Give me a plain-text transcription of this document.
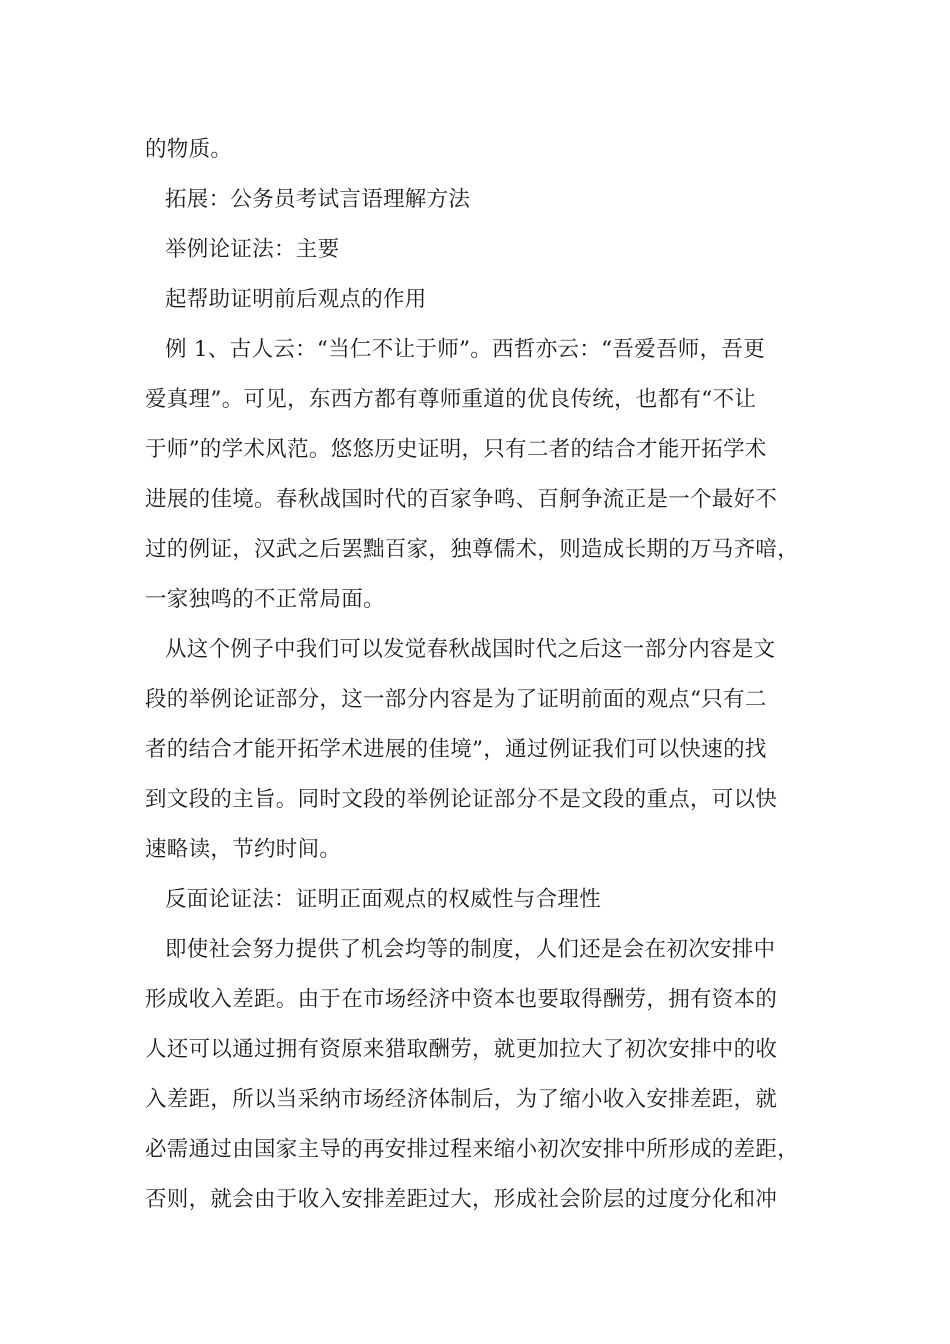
的物质。
拓展：公务员考试言语理解方法
举例论证法：主要
起帮助证明前后观点的作用
例 1、古人云：“当仁不让于师”。西哲亦云：“吾爱吾师，吾更
爱真理”。可见，东西方都有尊师重道的优良传统，也都有“不让
于师”的学术风范。悠悠历史证明，只有二者的结合才能开拓学术
进展的佳境。春秋战国时代的百家争鸣、百舸争流正是一个最好不
过的例证，汉武之后罢黜百家，独尊儒术，则造成长期的万马齐喑，
一家独鸣的不正常局面。
从这个例子中我们可以发觉春秋战国时代之后这一部分内容是文
段的举例论证部分，这一部分内容是为了证明前面的观点“只有二
者的结合才能开拓学术进展的佳境”，通过例证我们可以快速的找
到文段的主旨。同时文段的举例论证部分不是文段的重点，可以快
速略读，节约时间。
反面论证法：证明正面观点的权威性与合理性
即使社会努力提供了机会均等的制度，人们还是会在初次安排中
形成收入差距。由于在市场经济中资本也要取得酬劳，拥有资本的
人还可以通过拥有资原来猎取酬劳，就更加拉大了初次安排中的收
入差距，所以当采纳市场经济体制后，为了缩小收入安排差距，就
必需通过由国家主导的再安排过程来缩小初次安排中所形成的差距，
否则，就会由于收入安排差距过大，形成社会阶层的过度分化和冲
